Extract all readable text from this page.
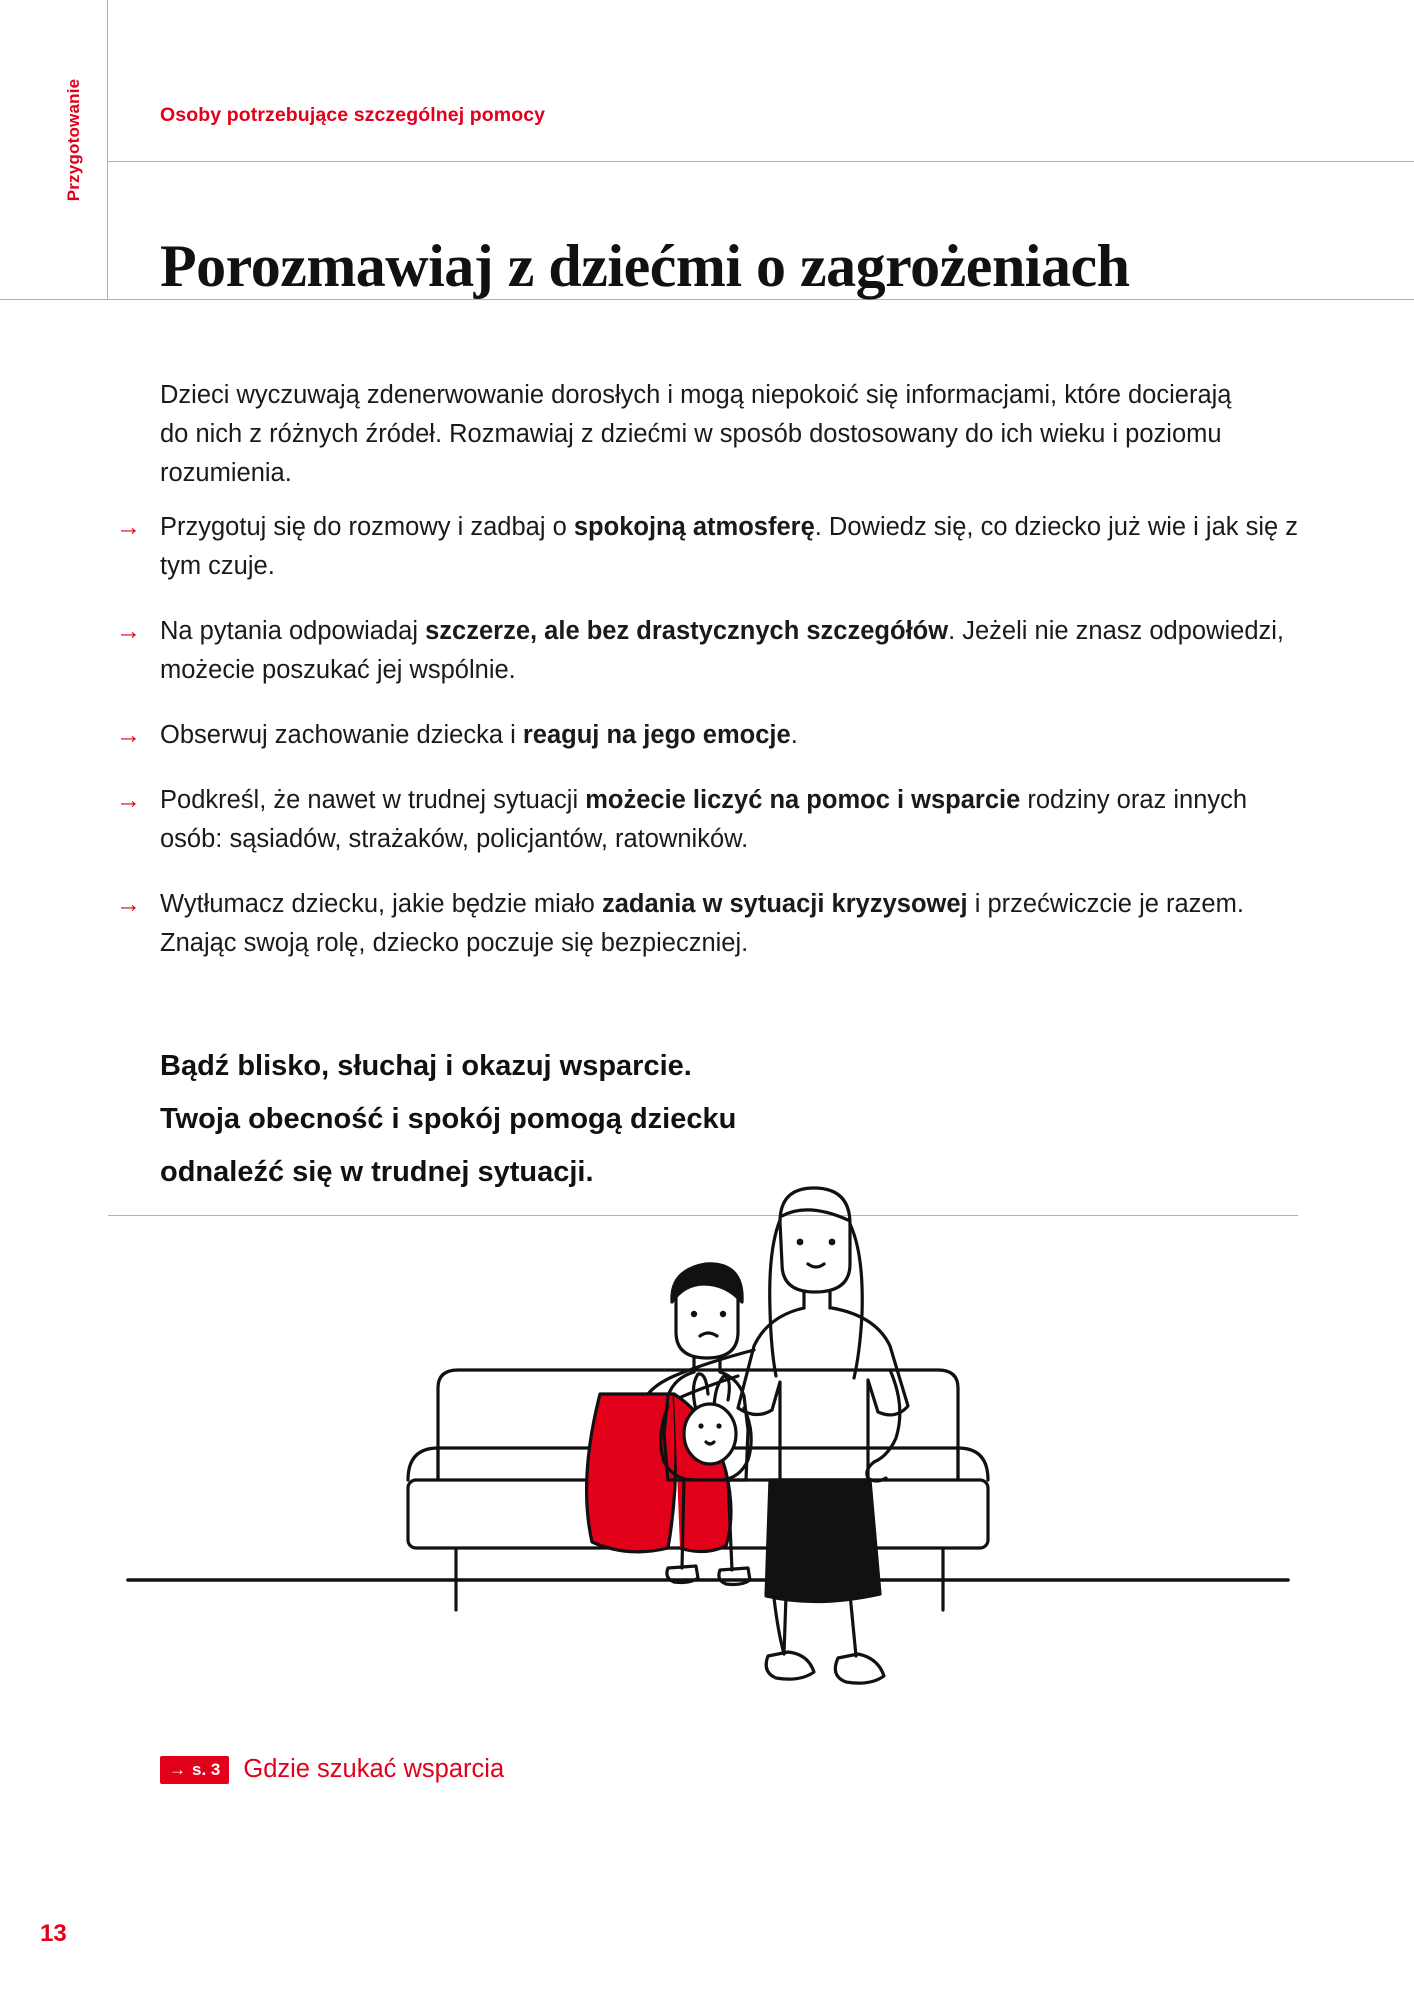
Przygotowanie	Osoby potrzebujące szczególnej pomocy
Porozmawiaj z dziećmi o zagrożeniach

Dzieci wyczuwają zdenerwowanie dorosłych i mogą niepokoić się informacjami, które docierają do nich z różnych źródeł. Rozmawiaj z dziećmi w sposób dostosowany do ich wieku i poziomu rozumienia.

→ Przygotuj się do rozmowy i zadbaj o spokojną atmosferę. Dowiedz się, co dziecko już wie i jak się z tym czuje.
→ Na pytania odpowiadaj szczerze, ale bez drastycznych szczegółów. Jeżeli nie znasz odpowiedzi, możecie poszukać jej wspólnie.
→ Obserwuj zachowanie dziecka i reaguj na jego emocje.
→ Podkreśl, że nawet w trudnej sytuacji możecie liczyć na pomoc i wsparcie rodziny oraz innych osób: sąsiadów, strażaków, policjantów, ratowników.
→ Wytłumacz dziecku, jakie będzie miało zadania w sytuacji kryzysowej i przećwiczcie je razem. Znając swoją rolę, dziecko poczuje się bezpieczniej.
Bądź blisko, słuchaj i okazuj wsparcie.
Twoja obecność i spokój pomogą dziecku
odnaleźć się w trudnej sytuacji.
→ s. 3 Gdzie szukać wsparcia
13
